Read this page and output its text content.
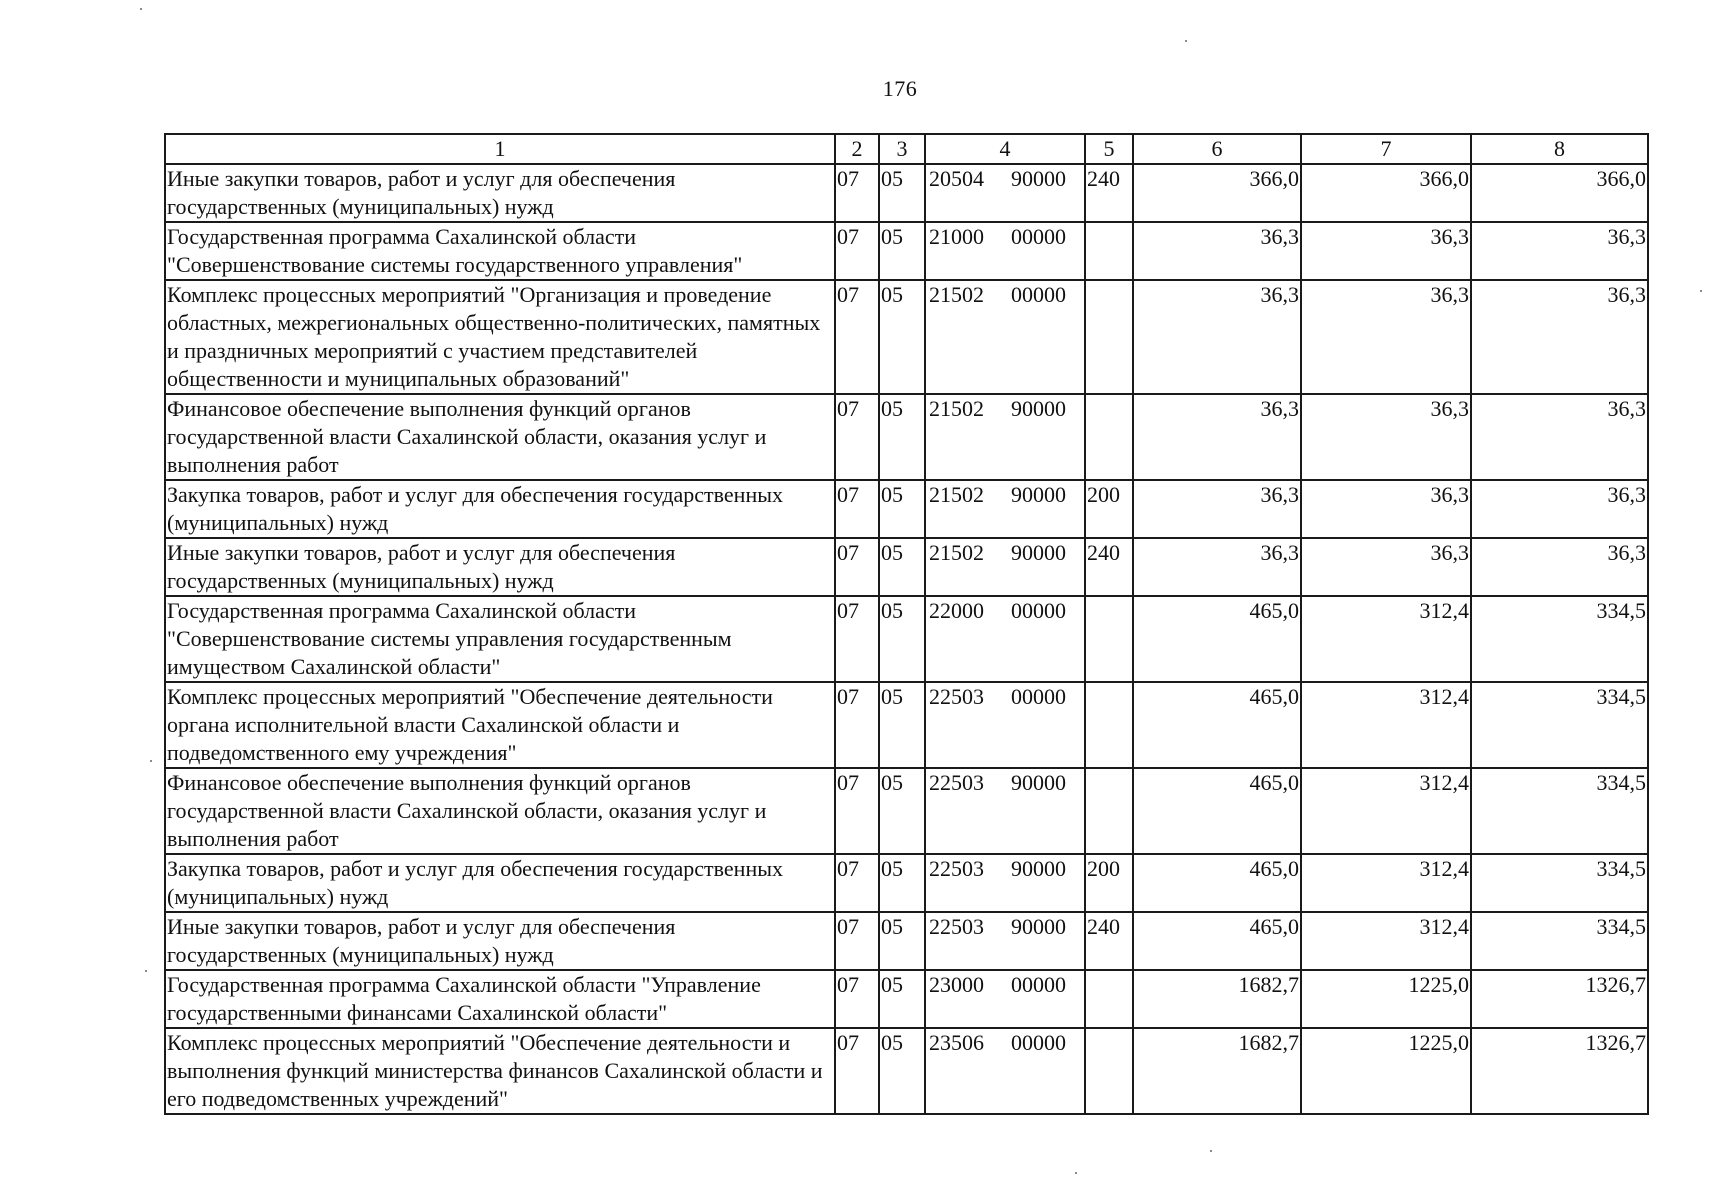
176
1	2	3	4	5	6	7	8
Иные закупки товаров, работ и услуг для обеспечения государственных (муниципальных) нужд	07	05	20504 90000	240	366,0	366,0	366,0
Государственная программа Сахалинской области "Совершенствование системы государственного управления"	07	05	21000 00000		36,3	36,3	36,3
Комплекс процессных мероприятий "Организация и проведение областных, межрегиональных общественно-политических, памятных и праздничных мероприятий с участием представителей общественности и муниципальных образований"	07	05	21502 00000		36,3	36,3	36,3
Финансовое обеспечение выполнения функций органов государственной власти Сахалинской области, оказания услуг и выполнения работ	07	05	21502 90000		36,3	36,3	36,3
Закупка товаров, работ и услуг для обеспечения государственных (муниципальных) нужд	07	05	21502 90000	200	36,3	36,3	36,3
Иные закупки товаров, работ и услуг для обеспечения государственных (муниципальных) нужд	07	05	21502 90000	240	36,3	36,3	36,3
Государственная программа Сахалинской области "Совершенствование системы управления государственным имуществом Сахалинской области"	07	05	22000 00000		465,0	312,4	334,5
Комплекс процессных мероприятий "Обеспечение деятельности органа исполнительной власти Сахалинской области и подведомственного ему учреждения"	07	05	22503 00000		465,0	312,4	334,5
Финансовое обеспечение выполнения функций органов государственной власти Сахалинской области, оказания услуг и выполнения работ	07	05	22503 90000		465,0	312,4	334,5
Закупка товаров, работ и услуг для обеспечения государственных (муниципальных) нужд	07	05	22503 90000	200	465,0	312,4	334,5
Иные закупки товаров, работ и услуг для обеспечения государственных (муниципальных) нужд	07	05	22503 90000	240	465,0	312,4	334,5
Государственная программа Сахалинской области "Управление государственными финансами Сахалинской области"	07	05	23000 00000		1682,7	1225,0	1326,7
Комплекс процессных мероприятий "Обеспечение деятельности и выполнения функций министерства финансов Сахалинской области и его подведомственных учреждений"	07	05	23506 00000		1682,7	1225,0	1326,7
